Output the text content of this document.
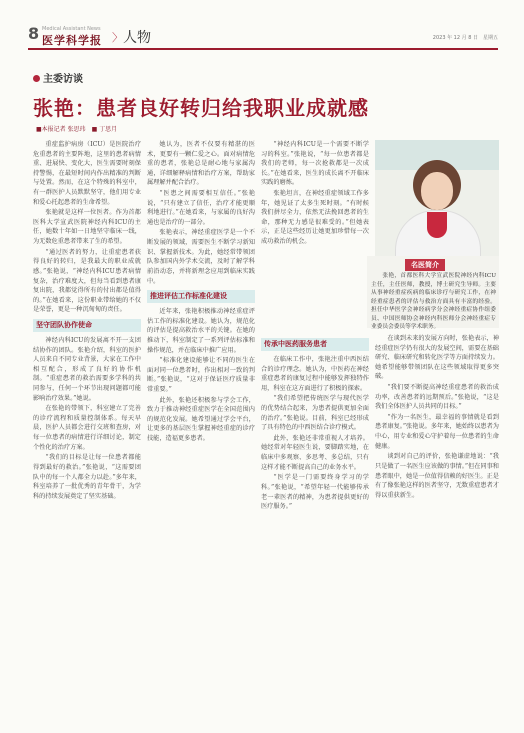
8 Medical Assistant News
医学科学报 〉 人物	2023 年 12 月 8 日　星期五
主委访谈
张艳：患者良好转归给我职业成就感
■本报记者 张思玮　■ 丁思月

重症监护病房（ICU）是医院治疗危重患者的主要阵地，这里的患者病情重、进展快、变化大，医生需要时刻保持警惕，在最短时间内作出精准的判断与处置。然而，在这个特殊的科室中，有一群医护人员默默坚守，他们用专业和爱心托起患者的生命希望。

张艳就是这样一位医者。作为首都医科大学宣武医院神经内科ICU的主任，她数十年如一日地坚守临床一线，为无数危重患者带来了生的希望。

“通过医者的努力，让重症患者获得良好的转归，是我最大的职业成就感。”张艳说，“神经内科ICU患者病情复杂，治疗难度大，但每当看到患者康复出院，我都觉得所有的付出都是值得的。”在她看来，这份职业带给她的不仅是荣誉，更是一种沉甸甸的责任。

坚守团队协作使命

神经内科ICU的发展离不开一支团结协作的团队。张艳介绍，科室的医护人员来自不同专业背景，大家在工作中相互配合，形成了良好的协作机制。“重症患者的救治需要多学科的共同参与，任何一个环节出现问题都可能影响治疗效果。”她说。

在张艳的带领下，科室建立了完善的诊疗流程和质量控制体系。每天早晨，医护人员都会进行交班和查房，对每一位患者的病情进行详细讨论，制定个性化的治疗方案。

“我们的目标是让每一位患者都能得到最好的救治。”张艳说，“这需要团队中的每一个人都全力以赴。”多年来，科室培养了一批优秀的青年骨干，为学科的持续发展奠定了坚实基础。

她认为，医者不仅要有精湛的医术，更要有一颗仁爱之心。面对病情危重的患者，张艳总是耐心地与家属沟通，详细解释病情和治疗方案，帮助家属理解并配合治疗。

“医患之间需要相互信任。”张艳说，“只有建立了信任，治疗才能更顺利地进行。”在她看来，与家属的良好沟通也是治疗的一部分。

张艳表示，神经重症医学是一个不断发展的领域，需要医生不断学习新知识、掌握新技术。为此，她经常带领团队参加国内外学术交流，及时了解学科前沿动态，并将新理念应用到临床实践中。

推进评估工作标准化建设

近年来，张艳积极推动神经重症评估工作的标准化建设。她认为，规范化的评估是提高救治水平的关键。在她的推动下，科室制定了一系列评估标准和操作规范，并在临床中推广应用。

“标准化建设能够让不同的医生在面对同一位患者时，作出相对一致的判断。”张艳说，“这对于保证医疗质量非常重要。”

此外，张艳还积极参与学会工作，致力于推动神经重症医学在全国范围内的规范化发展。她希望通过学会平台，让更多的基层医生掌握神经重症的诊疗技能，造福更多患者。

“神经内科ICU是一个需要不断学习的科室。”张艳说，“每一位患者都是我们的老师，每一次抢救都是一次成长。”在她看来，医生的成长离不开临床实践的磨炼。

张艳坦言，在神经重症领域工作多年，她见证了太多生死时刻。“有时候我们拼尽全力，依然无法挽回患者的生命，那种无力感是很难受的。”但她表示，正是这些经历让她更加珍惜每一次成功救治的机会。

传承中医药服务患者

在临床工作中，张艳注重中西医结合的诊疗理念。她认为，中医药在神经重症患者的康复过程中能够发挥独特作用，科室在这方面进行了积极的探索。

“我们希望把传统医学与现代医学的优势结合起来，为患者提供更加全面的治疗。”张艳说。目前，科室已经形成了具有特色的中西医结合诊疗模式。

此外，张艳还非常重视人才培养。她经常对年轻医生说，要脚踏实地，在临床中多观察、多思考、多总结，只有这样才能不断提高自己的业务水平。

“医学是一门需要终身学习的学科。”张艳说，“希望年轻一代能够传承老一辈医者的精神，为患者提供更好的医疗服务。”

在谈到未来的发展方向时，张艳表示，神经重症医学仍有很大的发展空间，需要在基础研究、临床研究和转化医学等方面持续发力。她希望能够带领团队在这些领域取得更多突破。

“我们要不断提高神经重症患者的救治成功率，改善患者的远期预后。”张艳说，“这是我们全体医护人员共同的目标。”

“作为一名医生，最幸福的事情就是看到患者康复。”张艳说。多年来，她始终以患者为中心，用专业和爱心守护着每一位患者的生命健康。

谈到对自己的评价，张艳谦虚地说：“我只是做了一名医生应该做的事情。”但在同事和患者眼中，她是一位值得信赖的好医生。正是有了像张艳这样的医者坚守，无数重症患者才得以重获新生。

名医简介

张艳，首都医科大学宣武医院神经内科ICU主任，主任医师，教授，博士研究生导师。主要从事神经重症疾病的临床诊疗与研究工作，在神经重症患者的评估与救治方面具有丰富的经验。担任中华医学会神经病学分会神经重症协作组委员、中国医师协会神经内科医师分会神经重症专业委员会委员等学术职务。
